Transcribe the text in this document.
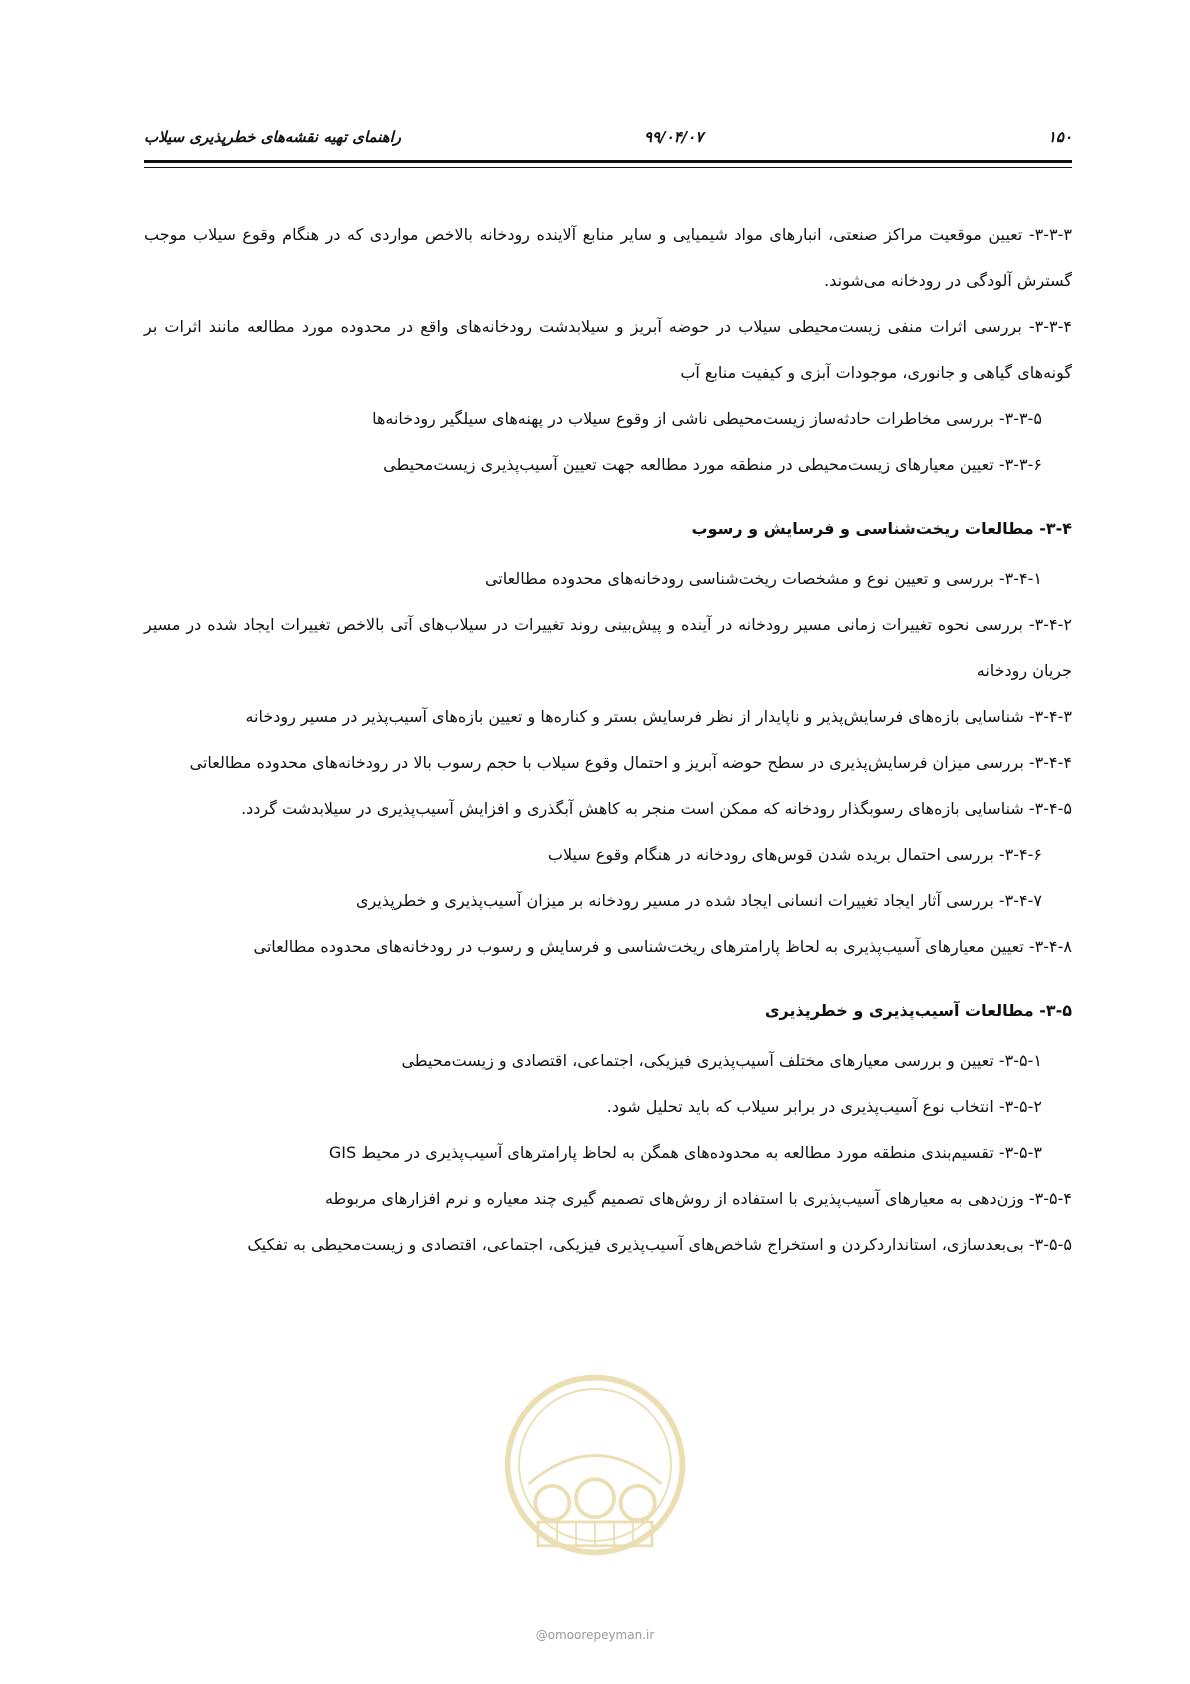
۱۵۰
۹۹/۰۴/۰۷
راهنمای تهیه نقشه‌های خطرپذیری سیلاب

۳-۳-۳- تعیین موقعیت مراکز صنعتی، انبارهای مواد شیمیایی و سایر منابع آلاینده رودخانه بالاخص مواردی که در هنگام وقوع سیلاب موجب گسترش آلودگی در رودخانه می‌شوند.

۳-۳-۴- بررسی اثرات منفی زیست‌محیطی سیلاب در حوضه آبریز و سیلابدشت رودخانه‌های واقع در محدوده مورد مطالعه مانند اثرات بر گونه‌های گیاهی و جانوری، موجودات آبزی و کیفیت منابع آب

۳-۳-۵- بررسی مخاطرات حادثه‌ساز زیست‌محیطی ناشی از وقوع سیلاب در پهنه‌های سیلگیر رودخانه‌ها

۳-۳-۶- تعیین معیارهای زیست‌محیطی در منطقه مورد مطالعه جهت تعیین آسیب‌پذیری زیست‌محیطی

۳-۴- مطالعات ریخت‌شناسی و فرسایش و رسوب

۳-۴-۱- بررسی و تعیین نوع و مشخصات ریخت‌شناسی رودخانه‌های محدوده مطالعاتی

۳-۴-۲- بررسی نحوه تغییرات زمانی مسیر رودخانه در آینده و پیش‌بینی روند تغییرات در سیلاب‌های آتی بالاخص تغییرات ایجاد شده در مسیر جریان رودخانه

۳-۴-۳- شناسایی بازه‌های فرسایش‌پذیر و ناپایدار از نظر فرسایش بستر و کناره‌ها و تعیین بازه‌های آسیب‌پذیر در مسیر رودخانه

۳-۴-۴- بررسی میزان فرسایش‌پذیری در سطح حوضه آبریز و احتمال وقوع سیلاب با حجم رسوب بالا در رودخانه‌های محدوده مطالعاتی

۳-۴-۵- شناسایی بازه‌های رسوبگذار رودخانه که ممکن است منجر به کاهش آبگذری و افزایش آسیب‌پذیری در سیلابدشت گردد.

۳-۴-۶- بررسی احتمال بریده شدن قوس‌های رودخانه در هنگام وقوع سیلاب

۳-۴-۷- بررسی آثار ایجاد تغییرات انسانی ایجاد شده در مسیر رودخانه بر میزان آسیب‌پذیری و خطرپذیری

۳-۴-۸- تعیین معیارهای آسیب‌پذیری به لحاظ پارامترهای ریخت‌شناسی و فرسایش و رسوب در رودخانه‌های محدوده مطالعاتی

۳-۵- مطالعات آسیب‌پذیری و خطرپذیری

۳-۵-۱- تعیین و بررسی معیارهای مختلف آسیب‌پذیری فیزیکی، اجتماعی، اقتصادی و زیست‌محیطی

۳-۵-۲- انتخاب نوع آسیب‌پذیری در برابر سیلاب که باید تحلیل شود.

۳-۵-۳- تقسیم‌بندی منطقه مورد مطالعه به محدوده‌های همگن به لحاظ پارامترهای آسیب‌پذیری در محیط GIS

۳-۵-۴- وزن‌دهی به معیارهای آسیب‌پذیری با استفاده از روش‌های تصمیم گیری چند معیاره و نرم افزارهای مربوطه

۳-۵-۵- بی‌بعدسازی، استانداردکردن و استخراج شاخص‌های آسیب‌پذیری فیزیکی، اجتماعی، اقتصادی و زیست‌محیطی به تفکیک

@omoorepeyman.ir
